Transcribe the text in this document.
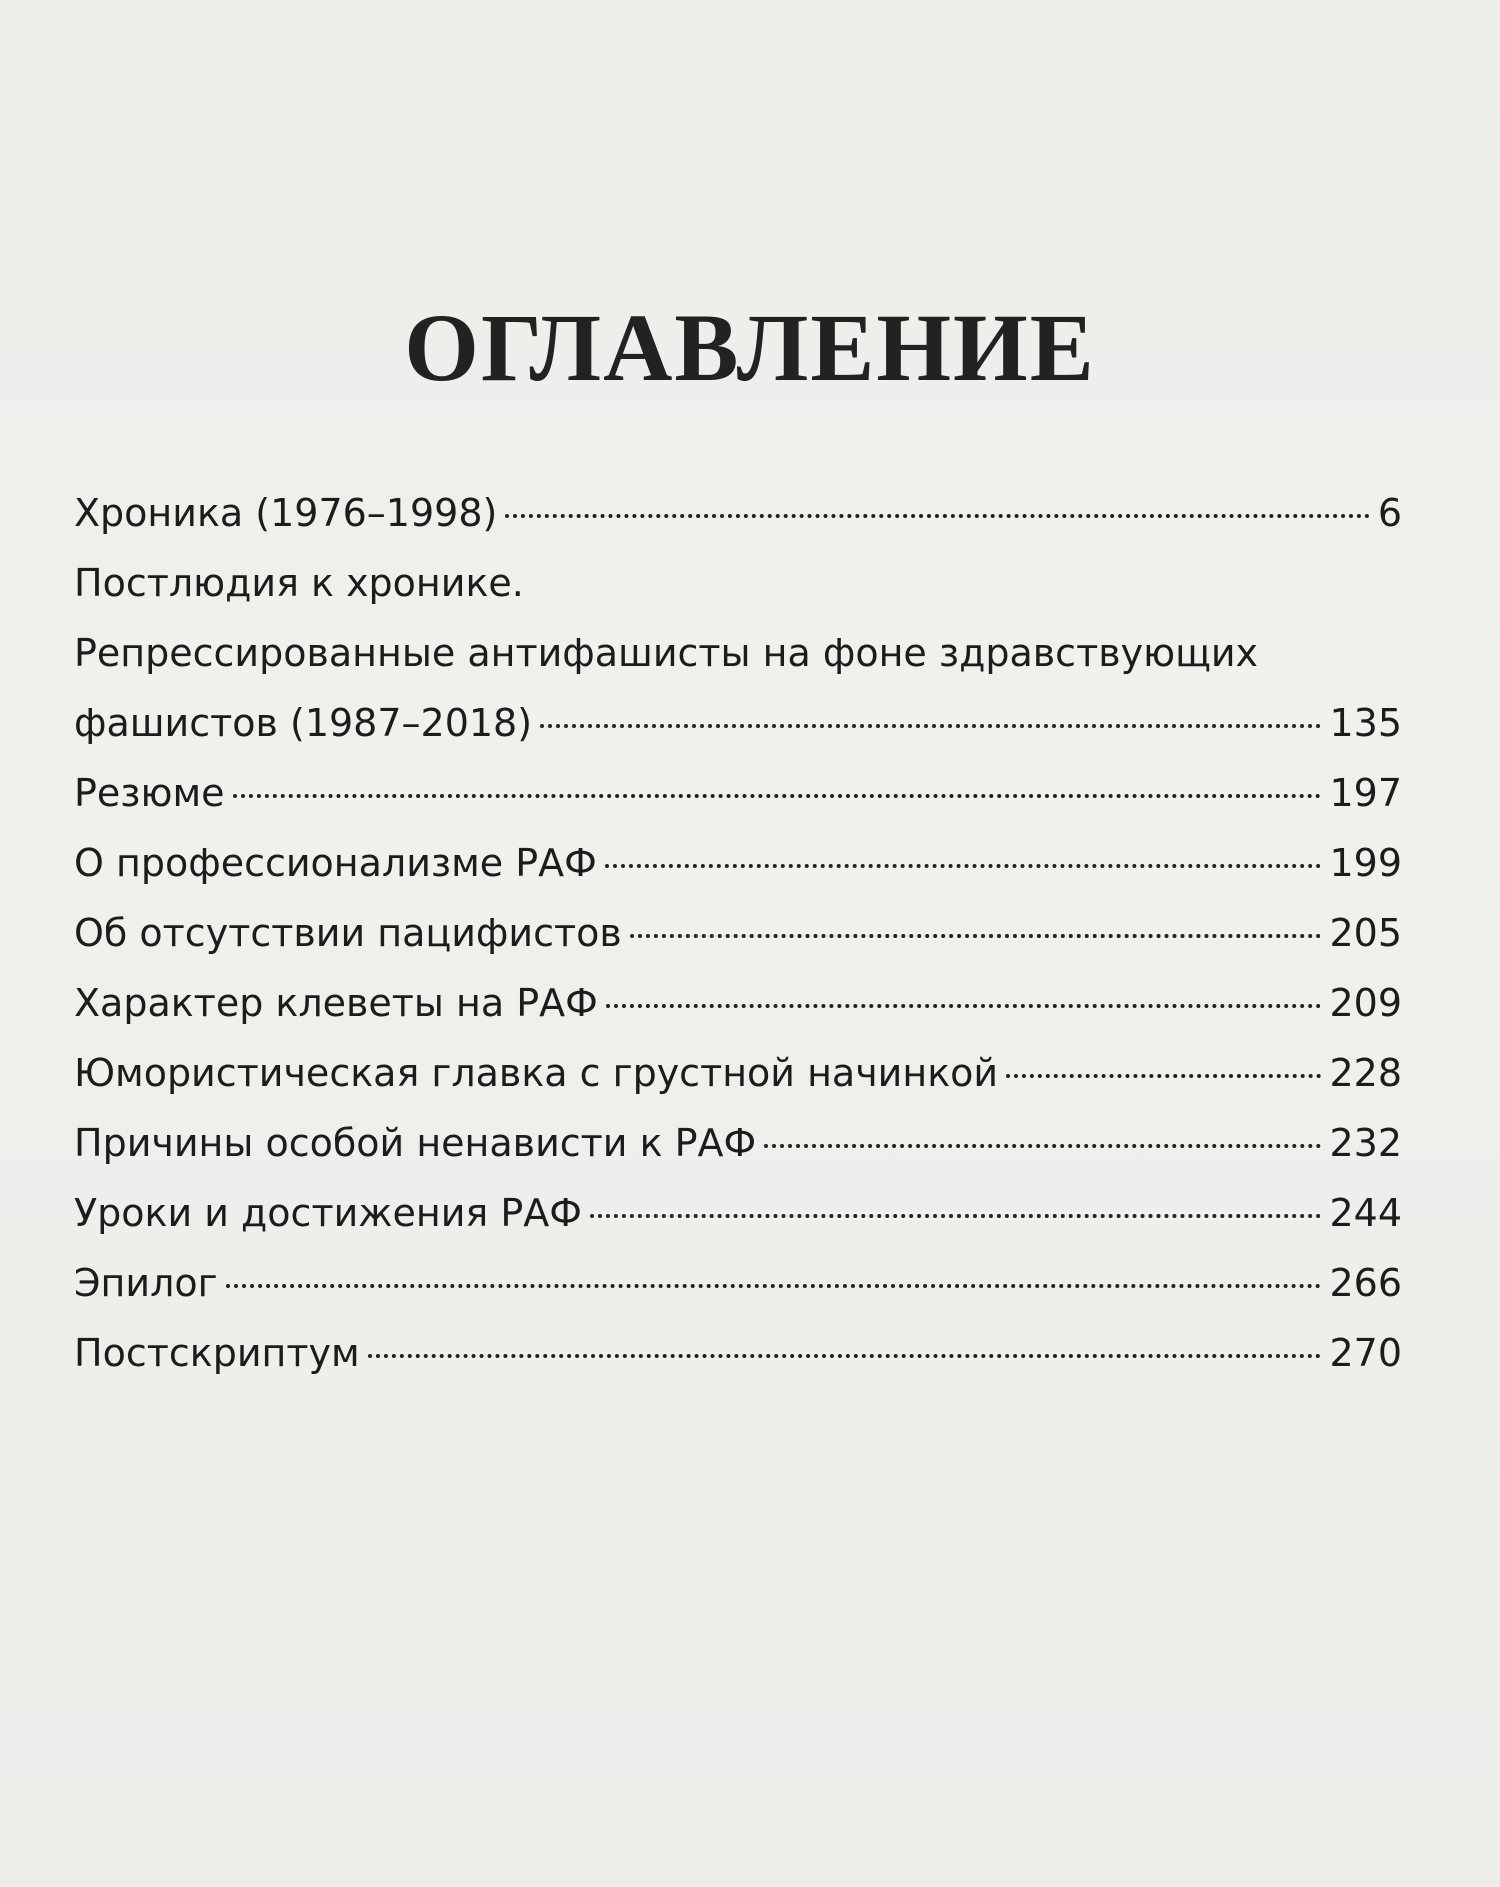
ОГЛАВЛЕНИЕ
Хроника (1976–1998)	6
Постлюдия к хронике.
Репрессированные антифашисты на фоне здравствующих
фашистов (1987–2018)	135
Резюме	197
О профессионализме РАФ	199
Об отсутствии пацифистов	205
Характер клеветы на РАФ	209
Юмористическая главка с грустной начинкой	228
Причины особой ненависти к РАФ	232
Уроки и достижения РАФ	244
Эпилог	266
Постскриптум	270
